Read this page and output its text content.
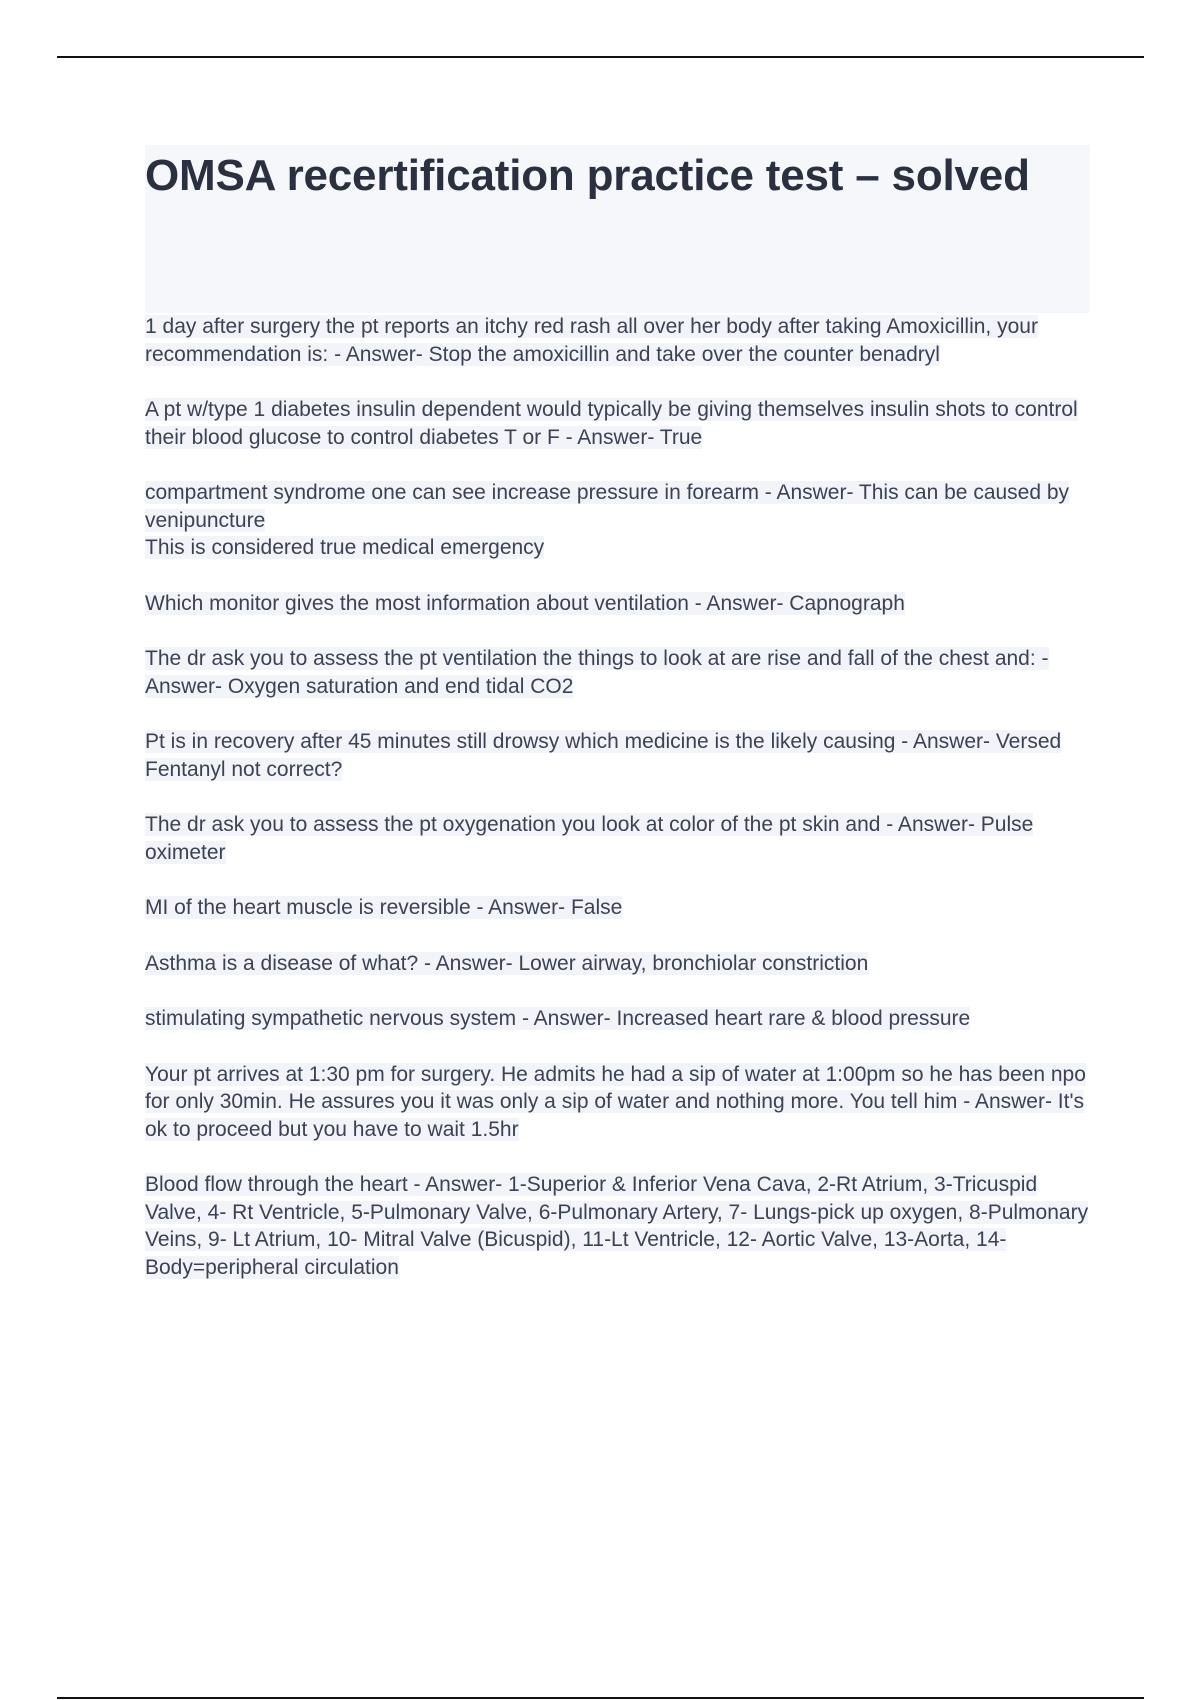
OMSA recertification practice test – solved

1 day after surgery the pt reports an itchy red rash all over her body after taking Amoxicillin, your recommendation is: - Answer- Stop the amoxicillin and take over the counter benadryl

A pt w/type 1 diabetes insulin dependent would typically be giving themselves insulin shots to control their blood glucose to control diabetes T or F - Answer- True

compartment syndrome one can see increase pressure in forearm - Answer- This can be caused by venipuncture

This is considered true medical emergency

Which monitor gives the most information about ventilation - Answer- Capnograph

The dr ask you to assess the pt ventilation the things to look at are rise and fall of the chest and: - Answer- Oxygen saturation and end tidal CO2

Pt is in recovery after 45 minutes still drowsy which medicine is the likely causing - Answer- Versed

Fentanyl not correct?

The dr ask you to assess the pt oxygenation you look at color of the pt skin and - Answer- Pulse oximeter

MI of the heart muscle is reversible - Answer- False

Asthma is a disease of what? - Answer- Lower airway, bronchiolar constriction

stimulating sympathetic nervous system - Answer- Increased heart rare & blood pressure

Your pt arrives at 1:30 pm for surgery. He admits he had a sip of water at 1:00pm so he has been npo for only 30min. He assures you it was only a sip of water and nothing more. You tell him - Answer- It's ok to proceed but you have to wait 1.5hr

Blood flow through the heart - Answer- 1-Superior & Inferior Vena Cava, 2-Rt Atrium, 3-Tricuspid Valve, 4- Rt Ventricle, 5-Pulmonary Valve, 6-Pulmonary Artery, 7- Lungs-pick up oxygen, 8-Pulmonary Veins, 9- Lt Atrium, 10- Mitral Valve (Bicuspid), 11-Lt Ventricle, 12- Aortic Valve, 13-Aorta, 14- Body=peripheral circulation
